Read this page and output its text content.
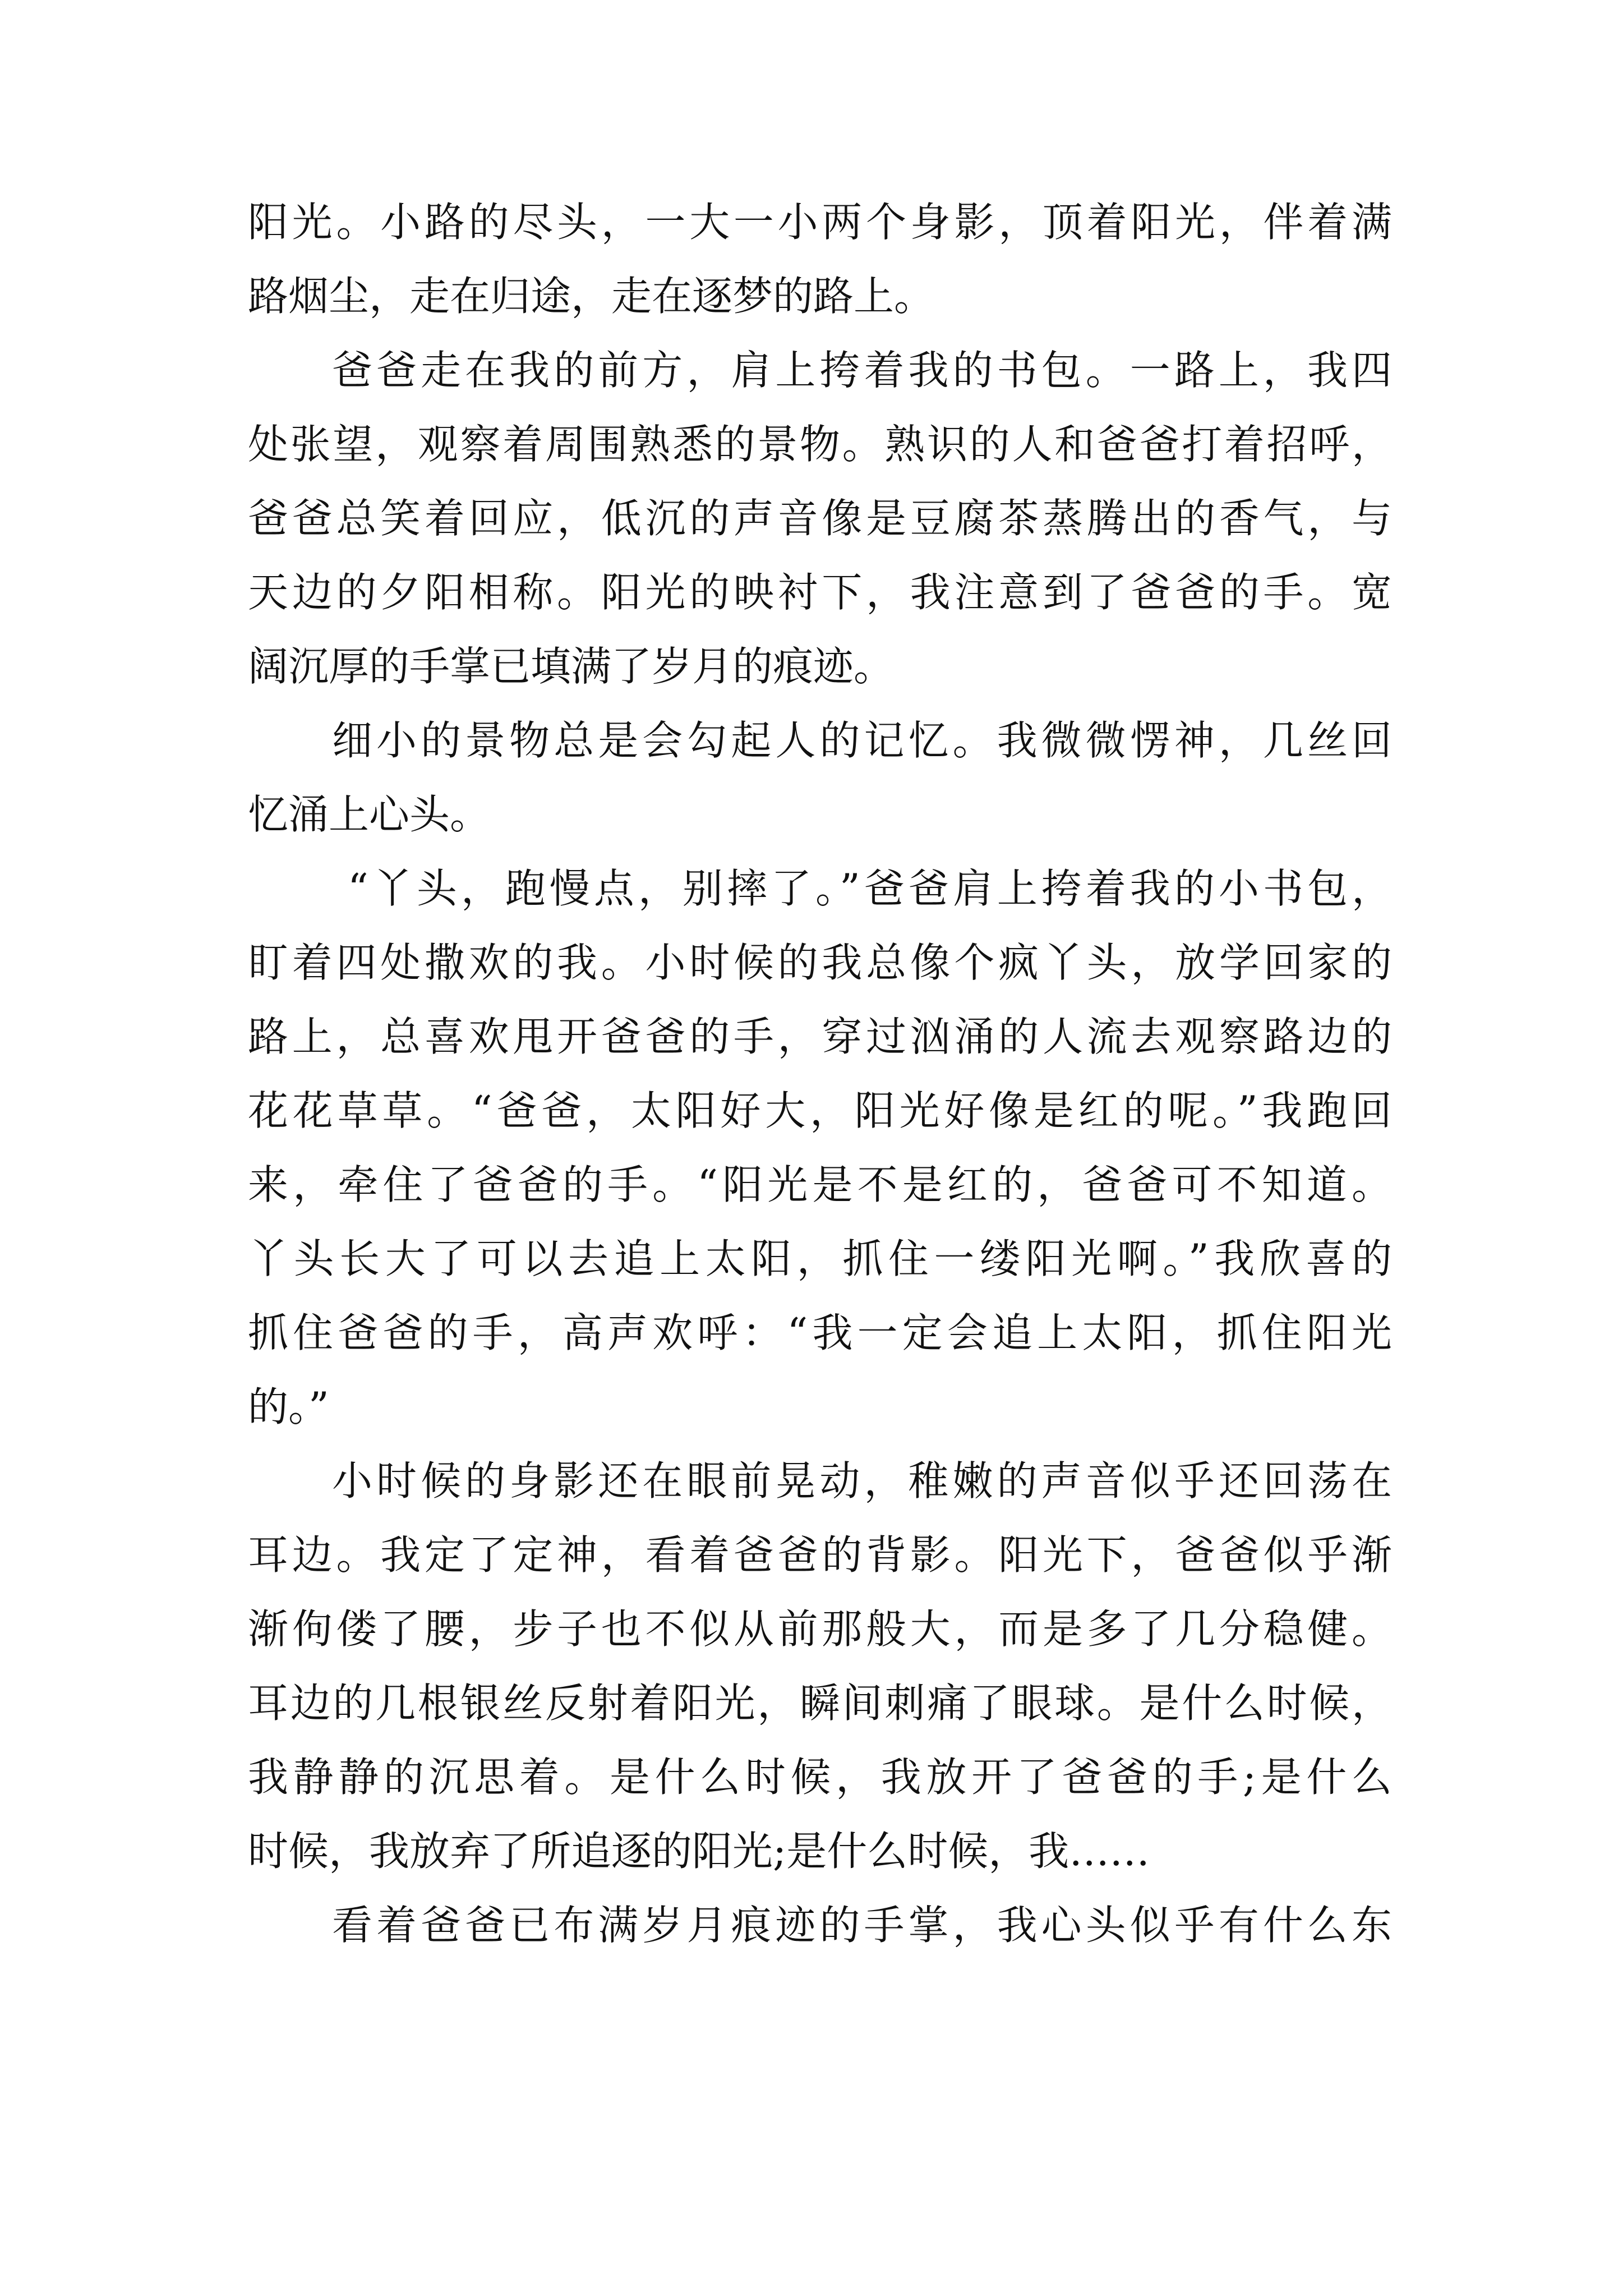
阳光。小路的尽头，一大一小两个身影，顶着阳光，伴着满
路烟尘，走在归途，走在逐梦的路上。
爸爸走在我的前方，肩上挎着我的书包。一路上，我四
处张望，观察着周围熟悉的景物。熟识的人和爸爸打着招呼，
爸爸总笑着回应，低沉的声音像是豆腐茶蒸腾出的香气，与
天边的夕阳相称。阳光的映衬下，我注意到了爸爸的手。宽
阔沉厚的手掌已填满了岁月的痕迹。
细小的景物总是会勾起人的记忆。我微微愣神，几丝回
忆涌上心头。
“丫头，跑慢点，别摔了。”爸爸肩上挎着我的小书包，
盯着四处撒欢的我。小时候的我总像个疯丫头，放学回家的
路上，总喜欢甩开爸爸的手，穿过汹涌的人流去观察路边的
花花草草。“爸爸，太阳好大，阳光好像是红的呢。”我跑回
来，牵住了爸爸的手。“阳光是不是红的，爸爸可不知道。
丫头长大了可以去追上太阳，抓住一缕阳光啊。”我欣喜的
抓住爸爸的手，高声欢呼：“我一定会追上太阳，抓住阳光
的。”
小时候的身影还在眼前晃动，稚嫩的声音似乎还回荡在
耳边。我定了定神，看着爸爸的背影。阳光下，爸爸似乎渐
渐佝偻了腰，步子也不似从前那般大，而是多了几分稳健。
耳边的几根银丝反射着阳光，瞬间刺痛了眼球。是什么时候，
我静静的沉思着。是什么时候，我放开了爸爸的手;是什么
时候，我放弃了所追逐的阳光;是什么时候，我……
看着爸爸已布满岁月痕迹的手掌，我心头似乎有什么东
